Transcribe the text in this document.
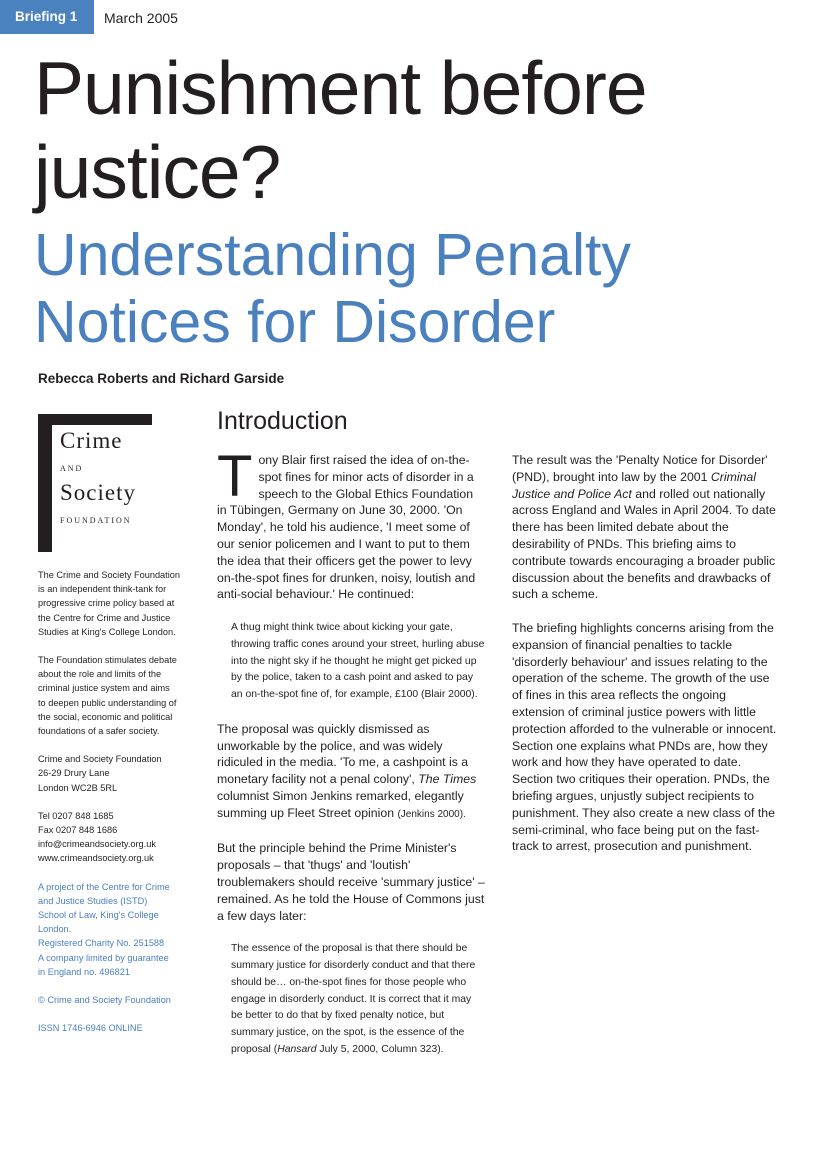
Briefing 1	March 2005
Punishment before justice?
Understanding Penalty Notices for Disorder
Rebecca Roberts and Richard Garside
Crime
AND
Society
FOUNDATION

The Crime and Society Foundation
is an independent think-tank for
progressive crime policy based at
the Centre for Crime and Justice
Studies at King's College London.

The Foundation stimulates debate
about the role and limits of the
criminal justice system and aims
to deepen public understanding of
the social, economic and political
foundations of a safer society.

Crime and Society Foundation
26-29 Drury Lane
London WC2B 5RL

Tel 0207 848 1685
Fax 0207 848 1686
info@crimeandsociety.org.uk
www.crimeandsociety.org.uk

A project of the Centre for Crime
and Justice Studies (ISTD)
School of Law, King's College
London.
Registered Charity No. 251588
A company limited by guarantee
in England no. 496821

© Crime and Society Foundation

ISSN 1746-6946 ONLINE

Introduction

Tony Blair first raised the idea of on-the-spot fines for minor acts of disorder in a speech to the Global Ethics Foundation in Tübingen, Germany on June 30, 2000. 'On Monday', he told his audience, 'I meet some of our senior policemen and I want to put to them the idea that their officers get the power to levy on-the-spot fines for drunken, noisy, loutish and anti-social behaviour.' He continued:

A thug might think twice about kicking your gate, throwing traffic cones around your street, hurling abuse into the night sky if he thought he might get picked up by the police, taken to a cash point and asked to pay an on-the-spot fine of, for example, £100 (Blair 2000).

The proposal was quickly dismissed as unworkable by the police, and was widely ridiculed in the media. 'To me, a cashpoint is a monetary facility not a penal colony', The Times columnist Simon Jenkins remarked, elegantly summing up Fleet Street opinion (Jenkins 2000).

But the principle behind the Prime Minister's proposals – that 'thugs' and 'loutish' troublemakers should receive 'summary justice' – remained. As he told the House of Commons just a few days later:

The essence of the proposal is that there should be summary justice for disorderly conduct and that there should be… on-the-spot fines for those people who engage in disorderly conduct. It is correct that it may be better to do that by fixed penalty notice, but summary justice, on the spot, is the essence of the proposal (Hansard July 5, 2000, Column 323).

The result was the 'Penalty Notice for Disorder' (PND), brought into law by the 2001 Criminal Justice and Police Act and rolled out nationally across England and Wales in April 2004. To date there has been limited debate about the desirability of PNDs. This briefing aims to contribute towards encouraging a broader public discussion about the benefits and drawbacks of such a scheme.

The briefing highlights concerns arising from the expansion of financial penalties to tackle 'disorderly behaviour' and issues relating to the operation of the scheme. The growth of the use of fines in this area reflects the ongoing extension of criminal justice powers with little protection afforded to the vulnerable or innocent. Section one explains what PNDs are, how they work and how they have operated to date. Section two critiques their operation. PNDs, the briefing argues, unjustly subject recipients to punishment. They also create a new class of the semi-criminal, who face being put on the fast-track to arrest, prosecution and punishment.
